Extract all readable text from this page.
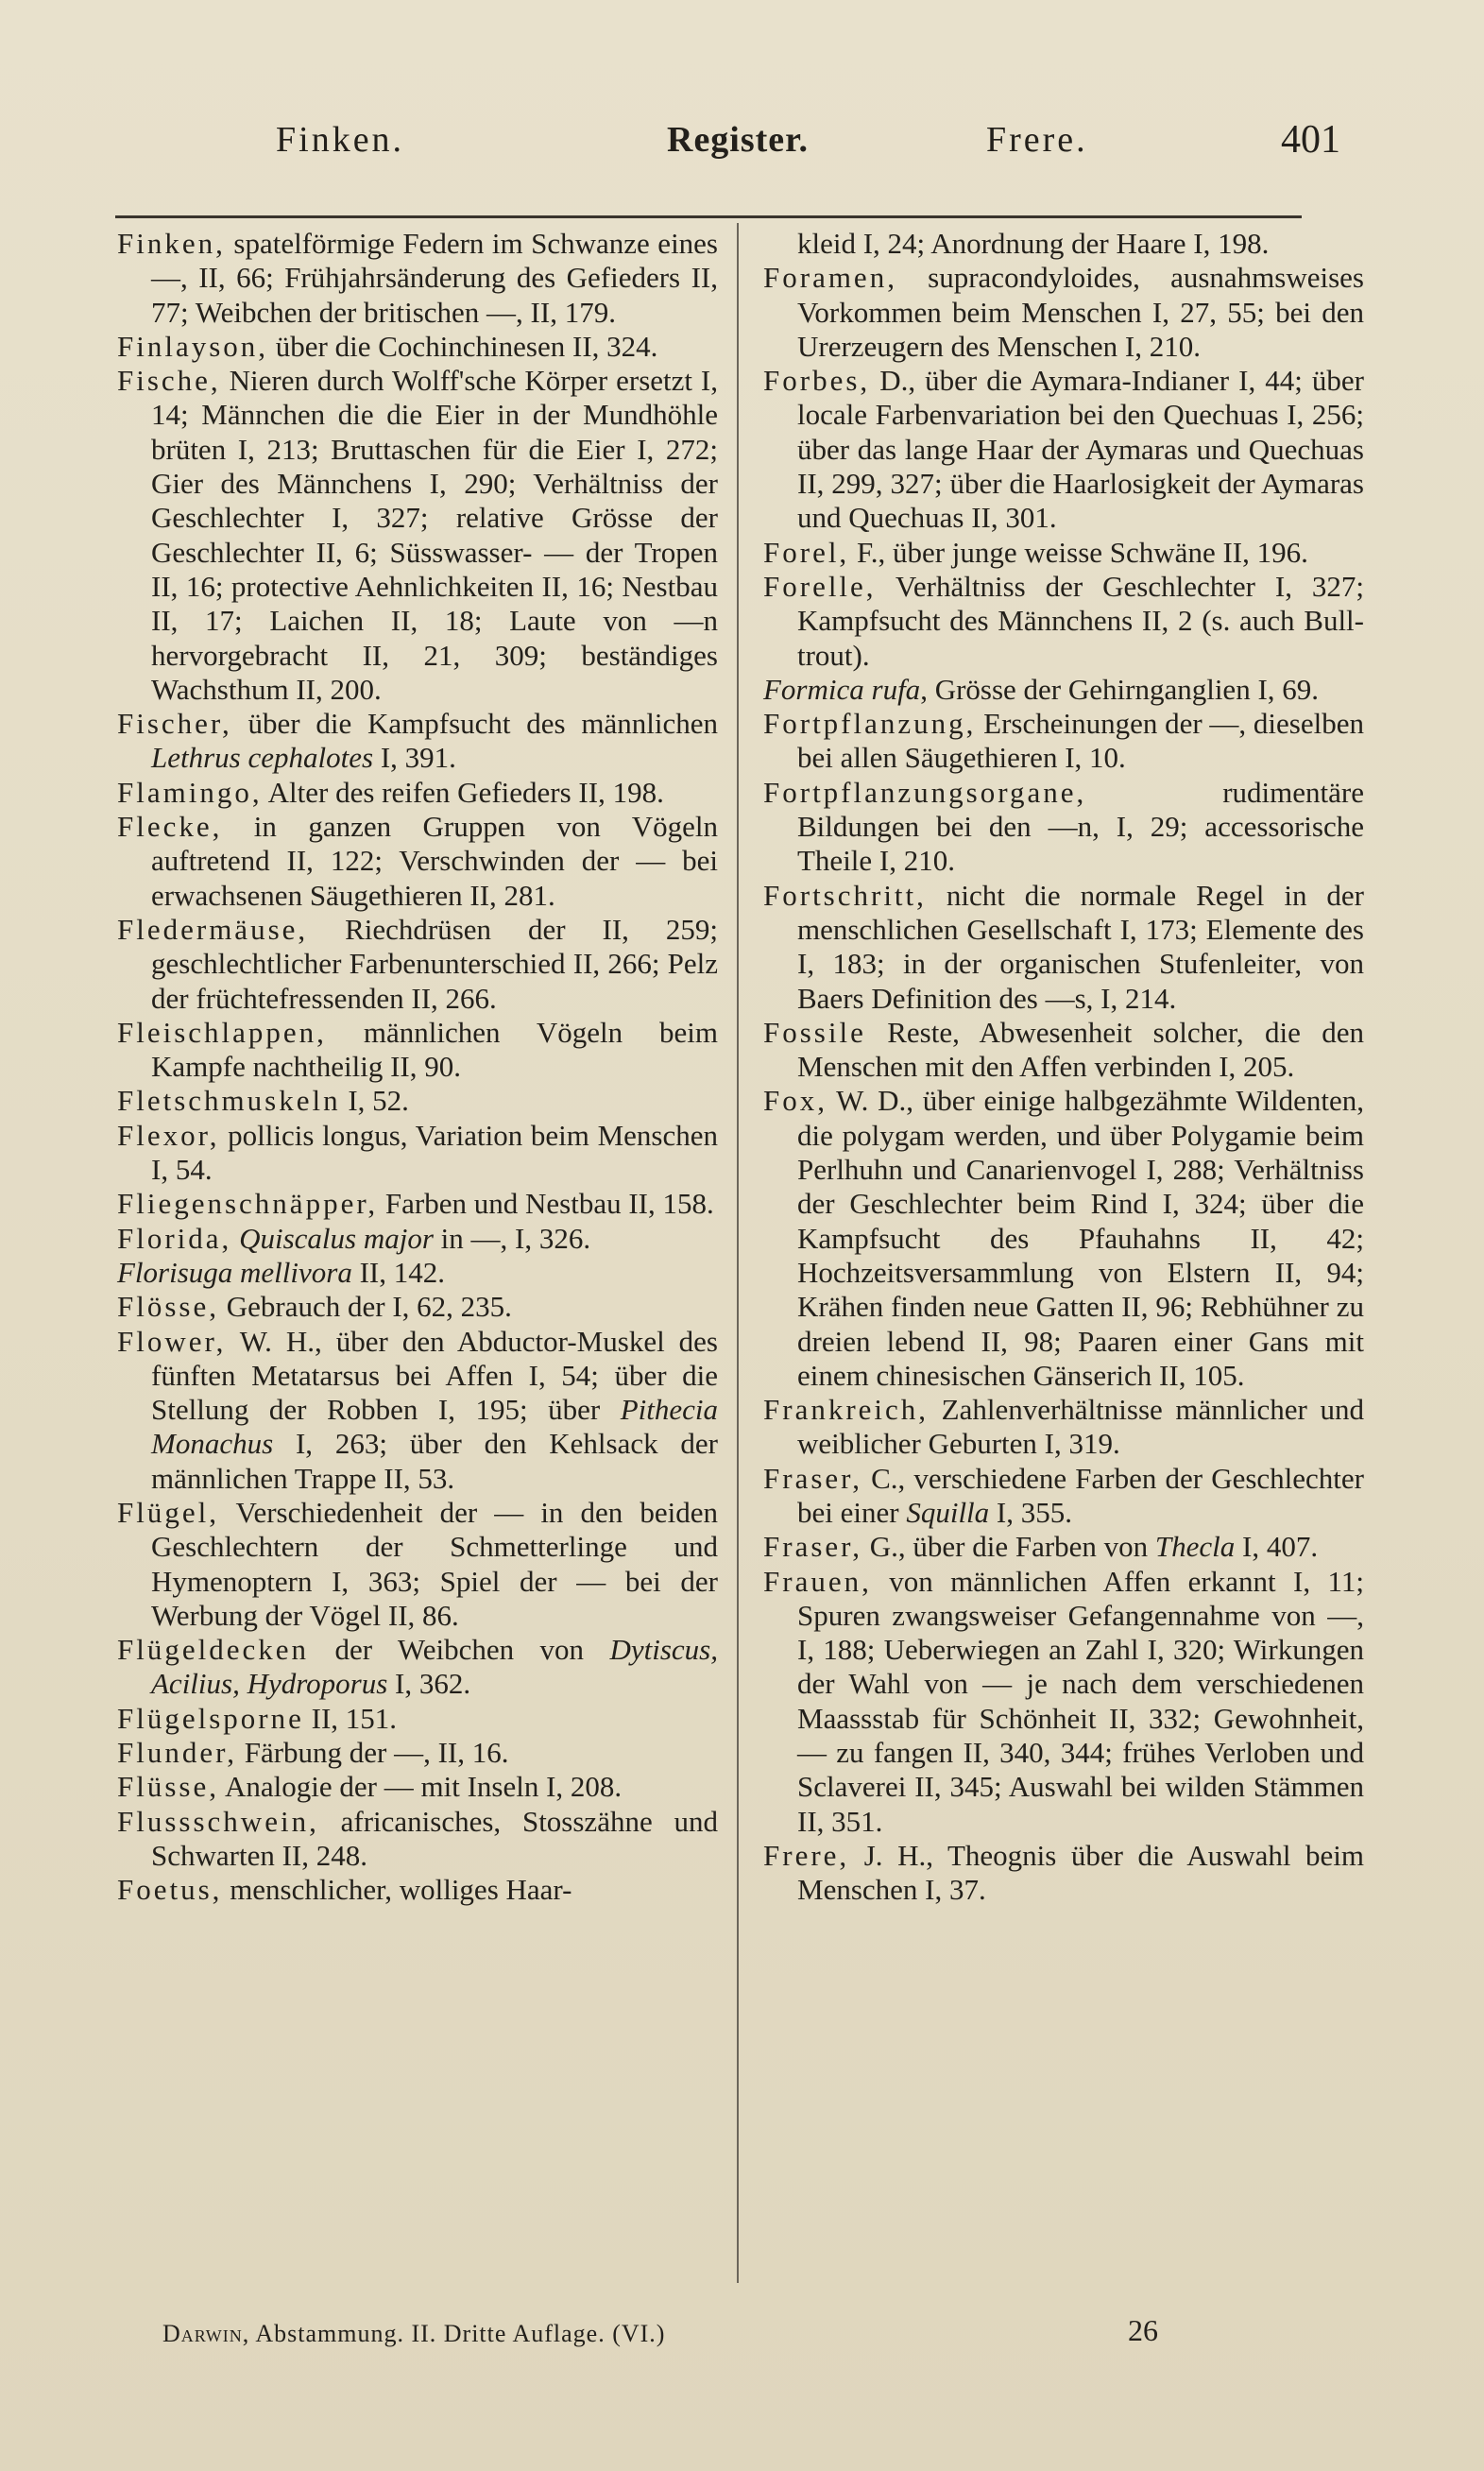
Finken.	Register.	Frere.	401

Finken, spatelförmige Federn im Schwanze eines —, II, 66; Frühjahrsänderung des Gefieders II, 77; Weibchen der britischen —, II, 179.

Finlayson, über die Cochinchinesen II, 324.

Fische, Nieren durch Wolff'sche Körper ersetzt I, 14; Männchen die die Eier in der Mundhöhle brüten I, 213; Bruttaschen für die Eier I, 272; Gier des Männchens I, 290; Verhältniss der Geschlechter I, 327; relative Grösse der Geschlechter II, 6; Süsswasser- — der Tropen II, 16; protective Aehnlichkeiten II, 16; Nestbau II, 17; Laichen II, 18; Laute von —n hervorgebracht II, 21, 309; beständiges Wachsthum II, 200.

Fischer, über die Kampfsucht des männlichen Lethrus cephalotes I, 391.

Flamingo, Alter des reifen Gefieders II, 198.

Flecke, in ganzen Gruppen von Vögeln auftretend II, 122; Verschwinden der — bei erwachsenen Säugethieren II, 281.

Fledermäuse, Riechdrüsen der II, 259; geschlechtlicher Farbenunterschied II, 266; Pelz der früchtefressenden II, 266.

Fleischlappen, männlichen Vögeln beim Kampfe nachtheilig II, 90.

Fletschmuskeln I, 52.

Flexor, pollicis longus, Variation beim Menschen I, 54.

Fliegenschnäpper, Farben und Nestbau II, 158.

Florida, Quiscalus major in —, I, 326.

Florisuga mellivora II, 142.

Flösse, Gebrauch der I, 62, 235.

Flower, W. H., über den Abductor-Muskel des fünften Metatarsus bei Affen I, 54; über die Stellung der Robben I, 195; über Pithecia Monachus I, 263; über den Kehlsack der männlichen Trappe II, 53.

Flügel, Verschiedenheit der — in den beiden Geschlechtern der Schmetterlinge und Hymenoptern I, 363; Spiel der — bei der Werbung der Vögel II, 86.

Flügeldecken der Weibchen von Dytiscus, Acilius, Hydroporus I, 362.

Flügelsporne II, 151.

Flunder, Färbung der —, II, 16.

Flüsse, Analogie der — mit Inseln I, 208.

Flussschwein, africanisches, Stosszähne und Schwarten II, 248.

Foetus, menschlicher, wolliges Haar-

kleid I, 24; Anordnung der Haare I, 198.

Foramen, supracondyloides, ausnahmsweises Vorkommen beim Menschen I, 27, 55; bei den Urerzeugern des Menschen I, 210.

Forbes, D., über die Aymara-Indianer I, 44; über locale Farbenvariation bei den Quechuas I, 256; über das lange Haar der Aymaras und Quechuas II, 299, 327; über die Haarlosigkeit der Aymaras und Quechuas II, 301.

Forel, F., über junge weisse Schwäne II, 196.

Forelle, Verhältniss der Geschlechter I, 327; Kampfsucht des Männchens II, 2 (s. auch Bull-trout).

Formica rufa, Grösse der Gehirnganglien I, 69.

Fortpflanzung, Erscheinungen der —, dieselben bei allen Säugethieren I, 10.

Fortpflanzungsorgane, rudimentäre Bildungen bei den —n, I, 29; accessorische Theile I, 210.

Fortschritt, nicht die normale Regel in der menschlichen Gesellschaft I, 173; Elemente des I, 183; in der organischen Stufenleiter, von Baers Definition des —s, I, 214.

Fossile Reste, Abwesenheit solcher, die den Menschen mit den Affen verbinden I, 205.

Fox, W. D., über einige halbgezähmte Wildenten, die polygam werden, und über Polygamie beim Perlhuhn und Canarienvogel I, 288; Verhältniss der Geschlechter beim Rind I, 324; über die Kampfsucht des Pfauhahns II, 42; Hochzeitsversammlung von Elstern II, 94; Krähen finden neue Gatten II, 96; Rebhühner zu dreien lebend II, 98; Paaren einer Gans mit einem chinesischen Gänserich II, 105.

Frankreich, Zahlenverhältnisse männlicher und weiblicher Geburten I, 319.

Fraser, C., verschiedene Farben der Geschlechter bei einer Squilla I, 355.

Fraser, G., über die Farben von Thecla I, 407.

Frauen, von männlichen Affen erkannt I, 11; Spuren zwangsweiser Gefangennahme von —, I, 188; Ueberwiegen an Zahl I, 320; Wirkungen der Wahl von — je nach dem verschiedenen Maassstab für Schönheit II, 332; Gewohnheit, — zu fangen II, 340, 344; frühes Verloben und Sclaverei II, 345; Auswahl bei wilden Stämmen II, 351.

Frere, J. H., Theognis über die Auswahl beim Menschen I, 37.

Darwin, Abstammung. II. Dritte Auflage. (VI.)	26
